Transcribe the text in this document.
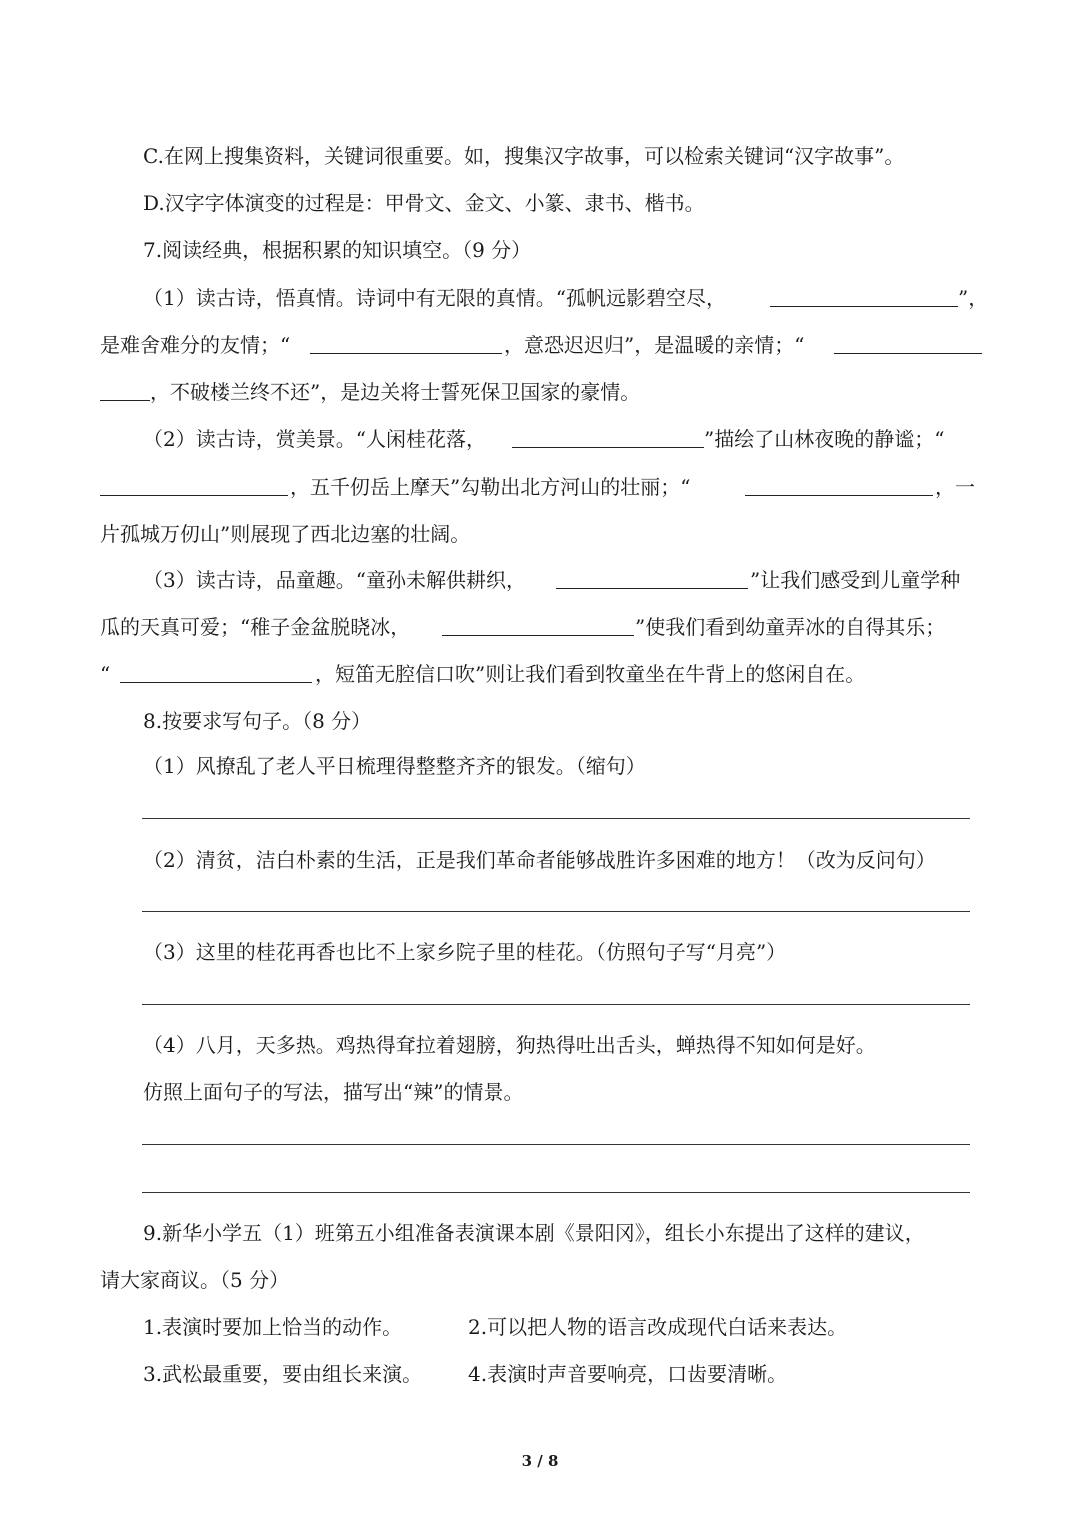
C.在网上搜集资料，关键词很重要。如，搜集汉字故事，可以检索关键词“汉字故事”。
D.汉字字体演变的过程是：甲骨文、金文、小篆、隶书、楷书。
7.阅读经典，根据积累的知识填空。（9 分）
（1）读古诗，悟真情。诗词中有无限的真情。“孤帆远影碧空尽，	”，
是难舍难分的友情；“	，意恐迟迟归”，是温暖的亲情；“
，不破楼兰终不还”，是边关将士誓死保卫国家的豪情。
（2）读古诗，赏美景。“人闲桂花落，	”描绘了山林夜晚的静谧；“
，五千仞岳上摩天”勾勒出北方河山的壮丽；“	，一
片孤城万仞山”则展现了西北边塞的壮阔。
（3）读古诗，品童趣。“童孙未解供耕织，	”让我们感受到儿童学种
瓜的天真可爱；“稚子金盆脱晓冰，	”使我们看到幼童弄冰的自得其乐；
“	，短笛无腔信口吹”则让我们看到牧童坐在牛背上的悠闲自在。
8.按要求写句子。（8 分）
（1）风撩乱了老人平日梳理得整整齐齐的银发。（缩句）
（2）清贫，洁白朴素的生活，正是我们革命者能够战胜许多困难的地方！（改为反问句）
（3）这里的桂花再香也比不上家乡院子里的桂花。（仿照句子写“月亮”）
（4）八月，天多热。鸡热得耷拉着翅膀，狗热得吐出舌头，蝉热得不知如何是好。
仿照上面句子的写法，描写出“辣”的情景。
9.新华小学五（1）班第五小组准备表演课本剧《景阳冈》，组长小东提出了这样的建议，
请大家商议。（5 分）
1.表演时要加上恰当的动作。	2.可以把人物的语言改成现代白话来表达。
3.武松最重要，要由组长来演。 4.表演时声音要响亮，口齿要清晰。
3 / 8
